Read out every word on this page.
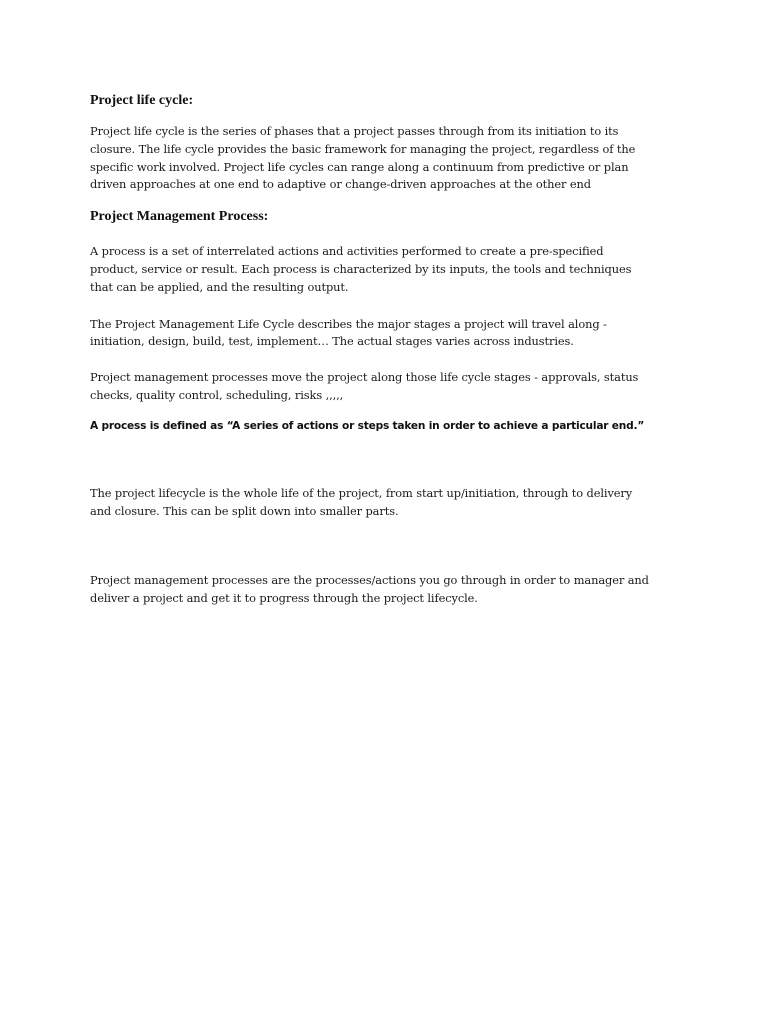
Project life cycle:

Project life cycle is the series of phases that a project passes through from its initiation to its
closure. The life cycle provides the basic framework for managing the project, regardless of the
specific work involved. Project life cycles can range along a continuum from predictive or plan
driven approaches at one end to adaptive or change-driven approaches at the other end

Project Management Process:

A process is a set of interrelated actions and activities performed to create a pre-specified
product, service or result. Each process is characterized by its inputs, the tools and techniques
that can be applied, and the resulting output.

The Project Management Life Cycle describes the major stages a project will travel along -
initiation, design, build, test, implement… The actual stages varies across industries.

Project management processes move the project along those life cycle stages - approvals, status
checks, quality control, scheduling, risks ,,,,,

A process is defined as “A series of actions or steps taken in order to achieve a particular end.”

The project lifecycle is the whole life of the project, from start up/initiation, through to delivery
and closure. This can be split down into smaller parts.

Project management processes are the processes/actions you go through in order to manager and
deliver a project and get it to progress through the project lifecycle.
